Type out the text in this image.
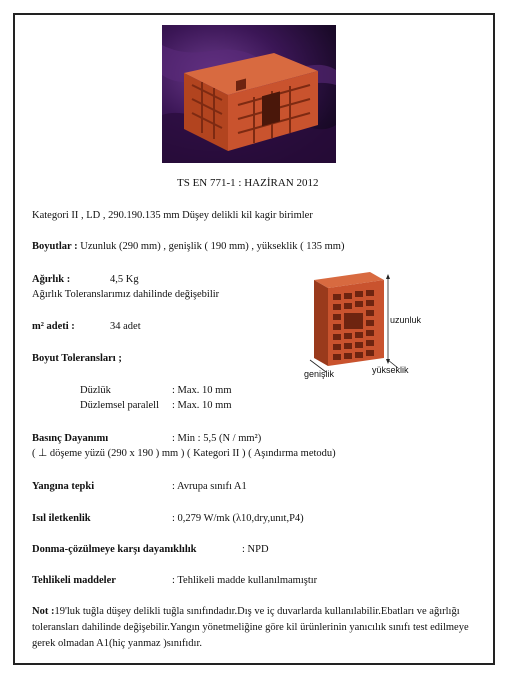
TS EN 771-1 : HAZİRAN 2012
Kategori II , LD , 290.190.135 mm Düşey delikli kil kagir birimler
Boyutlar : Uzunluk (290 mm) , genişlik ( 190 mm) , yükseklik ( 135 mm)
Ağırlık :	4,5 Kg
Ağırlık Toleranslarımız dahilinde değişebilir
m² adeti :	34 adet
Boyut Toleransları ;
Düzlük	: Max. 10 mm
Düzlemsel paralell : Max. 10 mm
Basınç Dayanımı	: Min : 5,5 (N / mm²)
( ⊥ döşeme yüzü (290 x 190 ) mm ) ( Kategori II ) ( Aşındırma metodu)
Yangına tepki	: Avrupa sınıfı A1
Isıl iletkenlik	: 0,279 W/mk (λ10,dry,unıt,P4)
Donma-çözülmeye karşı dayanıklılık	: NPD
Tehlikeli maddeler	: Tehlikeli madde kullanılmamıştır
Not :19'luk tuğla düşey delikli tuğla sınıfındadır.Dış ve iç duvarlarda kullanılabilir.Ebatları ve ağırlığı toleransları dahilinde değişebilir.Yangın yönetmeliğine göre kil ürünlerinin yanıcılık sınıfı test edilmeye gerek olmadan A1(hiç yanmaz )sınıfıdır.
uzunluk
genişlik	yükseklik
